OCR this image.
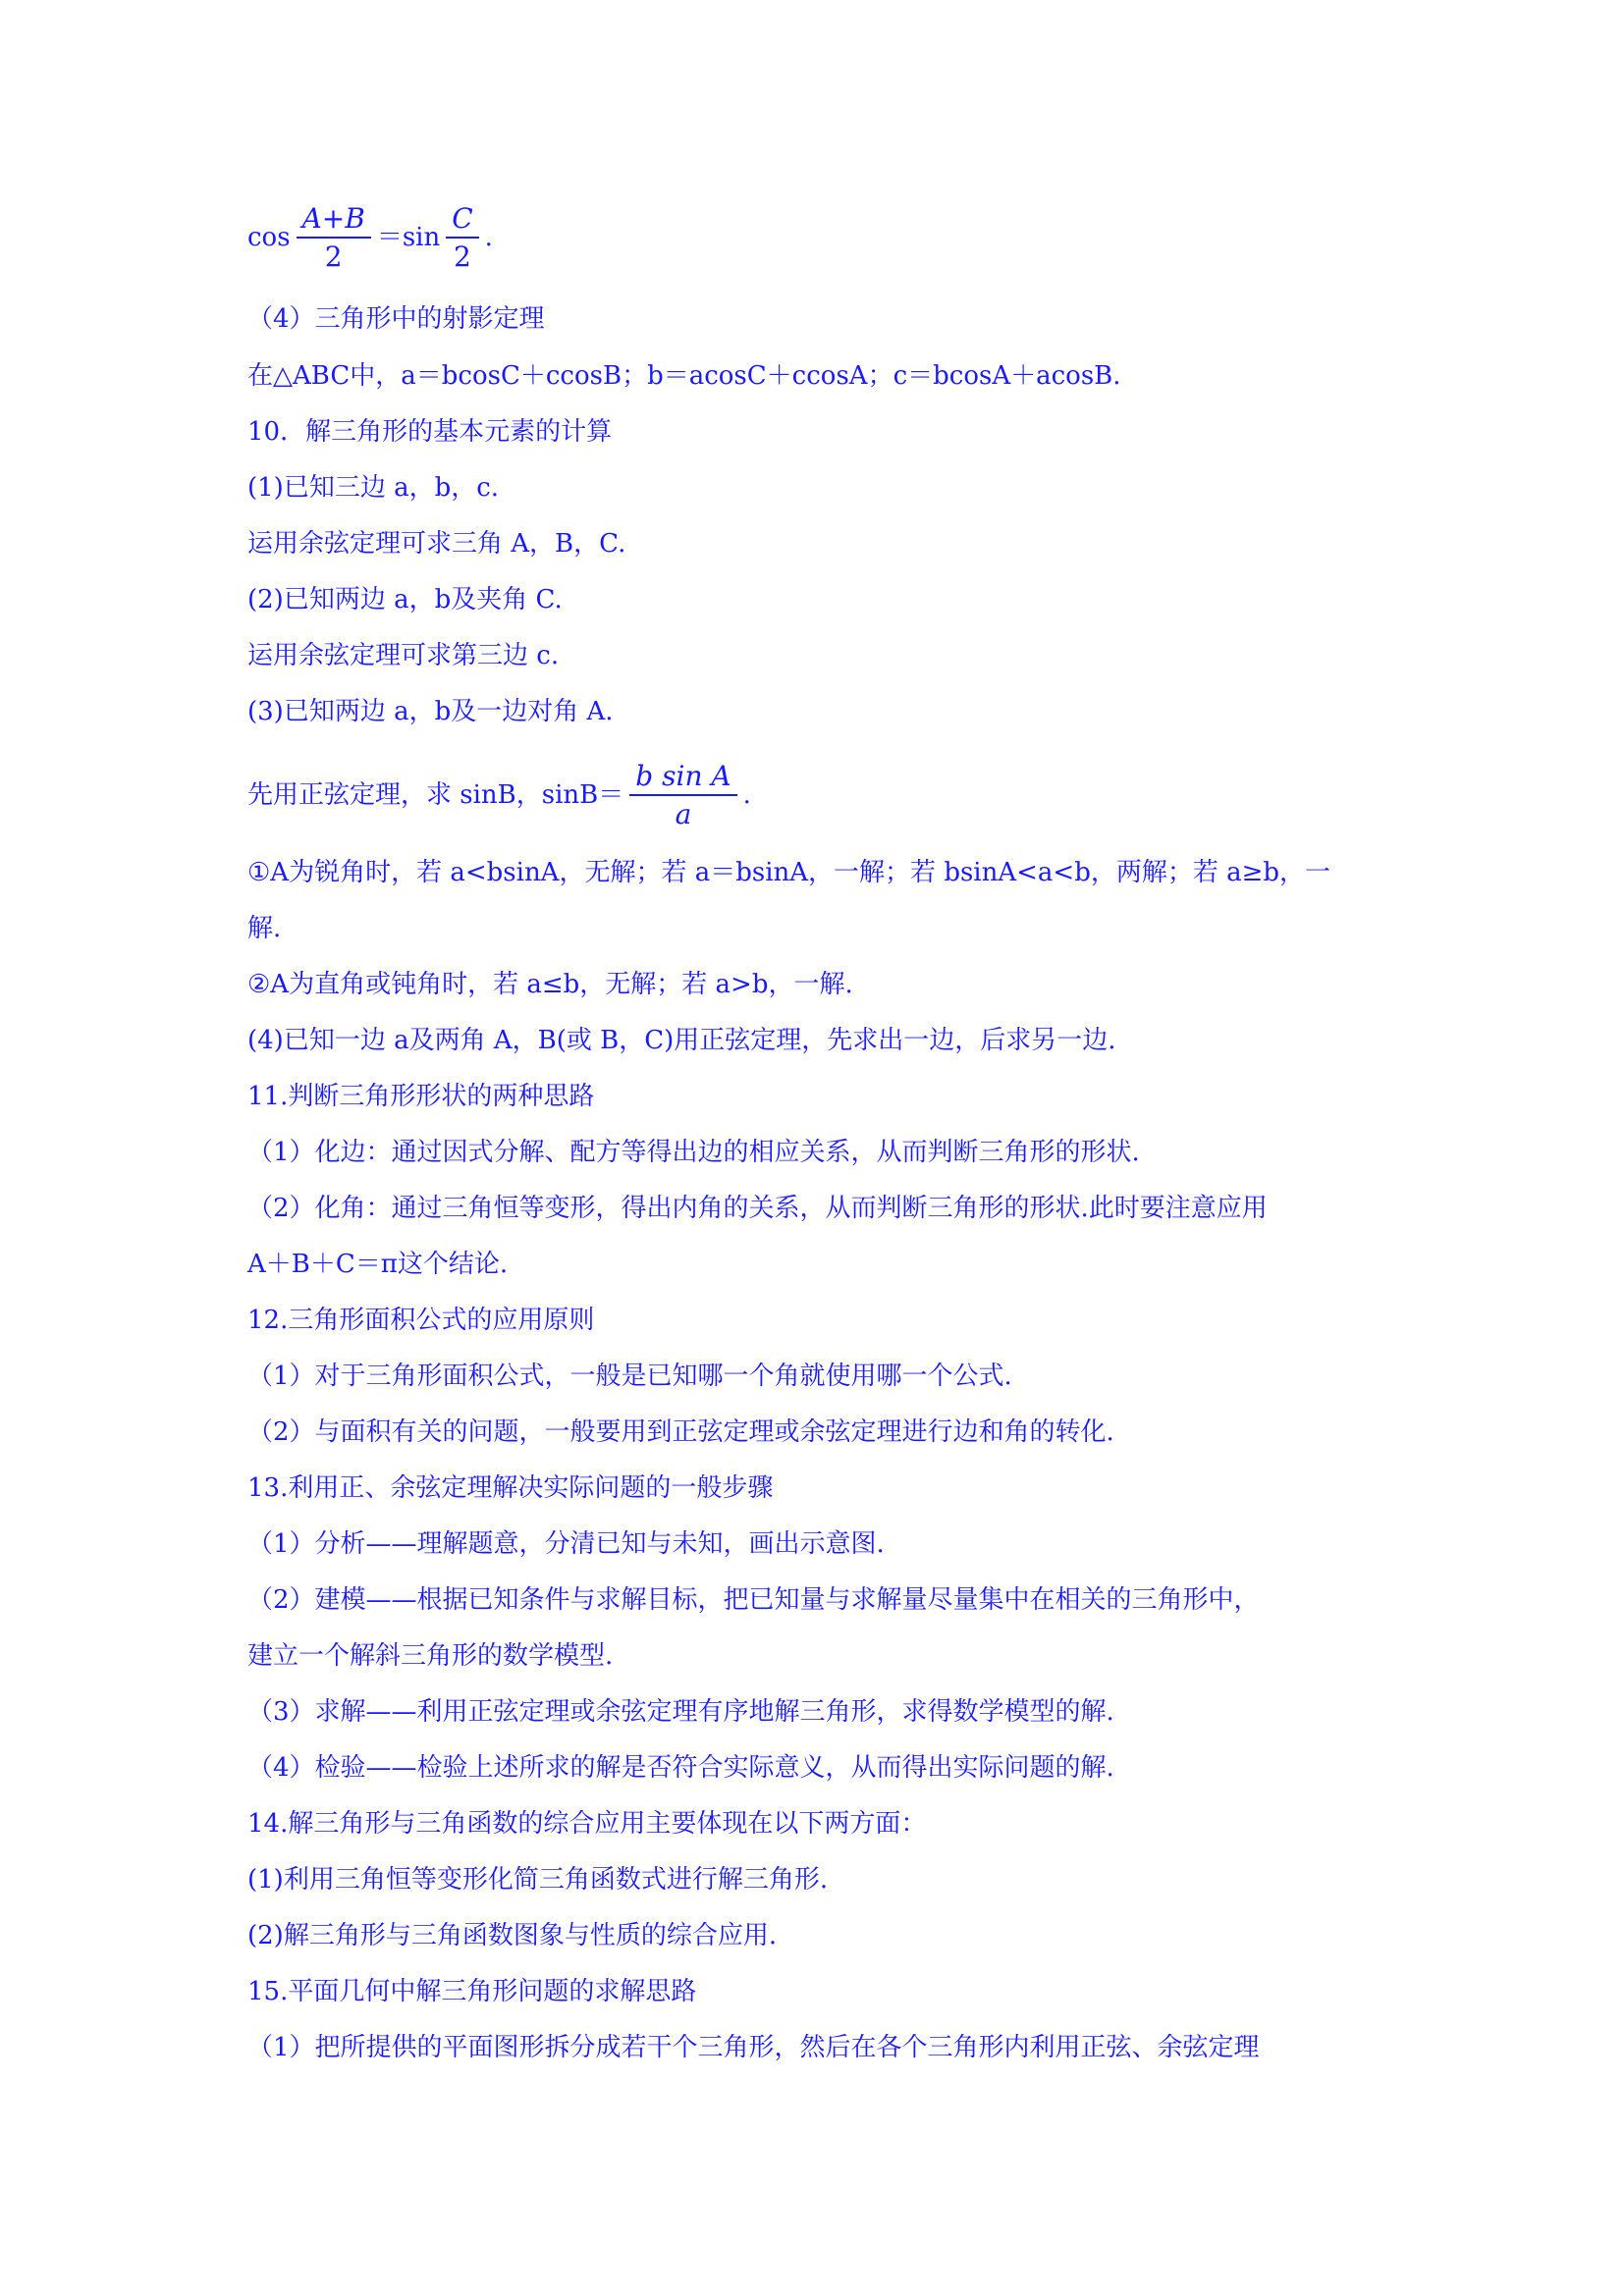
$\cos \frac{A+B}{2} =\sin \frac{C}{2}$ .
（4）三角形中的射影定理
在△ABC中，a＝bcosC＋ccosB；b＝acosC＋ccosA；c＝bcosA＋acosB.
10．解三角形的基本元素的计算
(1)已知三边 a，b，c.
运用余弦定理可求三角 A，B，C.
(2)已知两边 a，b及夹角 C.
运用余弦定理可求第三边 c.
(3)已知两边 a，b及一边对角 A.
先用正弦定理，求 sinB，$\sin B= \frac{\text{b sin A}}{a}$ .
①A为锐角时，若 a<bsinA，无解；若 a＝bsinA，一解；若 bsinA<a<b，两解；若 a≥b，一
解.
②A为直角或钝角时，若 a≤b，无解；若 a>b，一解.
(4)已知一边 a及两角 A，B(或 B，C)用正弦定理，先求出一边，后求另一边.
11.判断三角形形状的两种思路
（1）化边：通过因式分解、配方等得出边的相应关系，从而判断三角形的形状.
（2）化角：通过三角恒等变形，得出内角的关系，从而判断三角形的形状.此时要注意应用
A＋B＋C＝π这个结论.
12.三角形面积公式的应用原则
（1）对于三角形面积公式，一般是已知哪一个角就使用哪一个公式.
（2）与面积有关的问题，一般要用到正弦定理或余弦定理进行边和角的转化.
13.利用正、余弦定理解决实际问题的一般步骤
（1）分析——理解题意，分清已知与未知，画出示意图.
（2）建模——根据已知条件与求解目标，把已知量与求解量尽量集中在相关的三角形中，
建立一个解斜三角形的数学模型.
（3）求解——利用正弦定理或余弦定理有序地解三角形，求得数学模型的解.
（4）检验——检验上述所求的解是否符合实际意义，从而得出实际问题的解.
14.解三角形与三角函数的综合应用主要体现在以下两方面：
(1)利用三角恒等变形化简三角函数式进行解三角形.
(2)解三角形与三角函数图象与性质的综合应用.
15.平面几何中解三角形问题的求解思路
（1）把所提供的平面图形拆分成若干个三角形，然后在各个三角形内利用正弦、余弦定理
